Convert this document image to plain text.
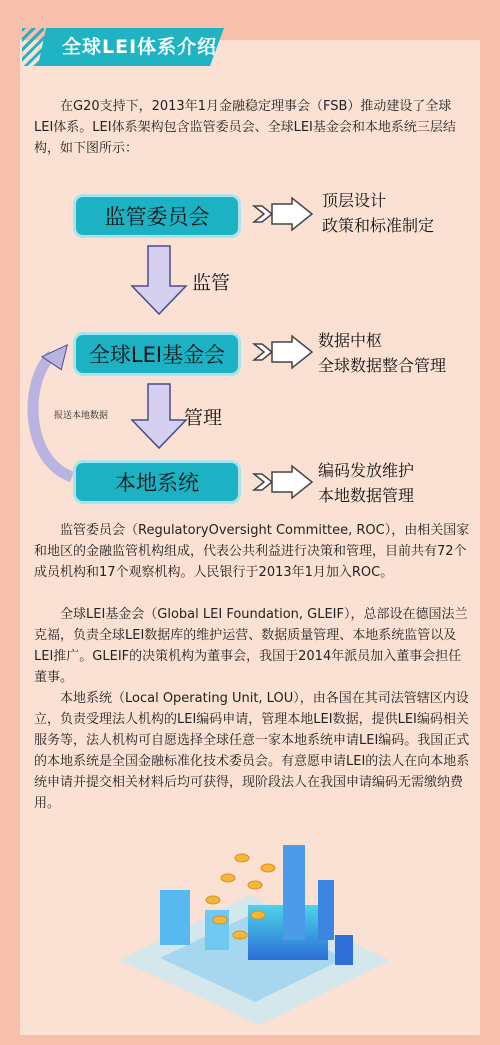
全球LEI体系介绍

在G20支持下，2013年1月金融稳定理事会（FSB）推动建设了全球LEI体系。LEI体系架构包含监管委员会、全球LEI基金会和本地系统三层结构，如下图所示：

监管委员会
全球LEI基金会
本地系统
顶层设计
政策和标准制定
数据中枢
全球数据整合管理
编码发放维护
本地数据管理
监管
管理
报送本地数据

监管委员会（RegulatoryOversight Committee, ROC），由相关国家和地区的金融监管机构组成，代表公共利益进行决策和管理，目前共有72个成员机构和17个观察机构。人民银行于2013年1月加入ROC。

全球LEI基金会（Global LEI Foundation, GLEIF），总部设在德国法兰克福，负责全球LEI数据库的维护运营、数据质量管理、本地系统监管以及LEI推广。GLEIF的决策机构为董事会，我国于2014年派员加入董事会担任董事。

本地系统（Local Operating Unit, LOU），由各国在其司法管辖区内设立，负责受理法人机构的LEI编码申请，管理本地LEI数据，提供LEI编码相关服务等，法人机构可自愿选择全球任意一家本地系统申请LEI编码。我国正式的本地系统是全国金融标准化技术委员会。有意愿申请LEI的法人在向本地系统申请并提交相关材料后均可获得，现阶段法人在我国申请编码无需缴纳费用。
